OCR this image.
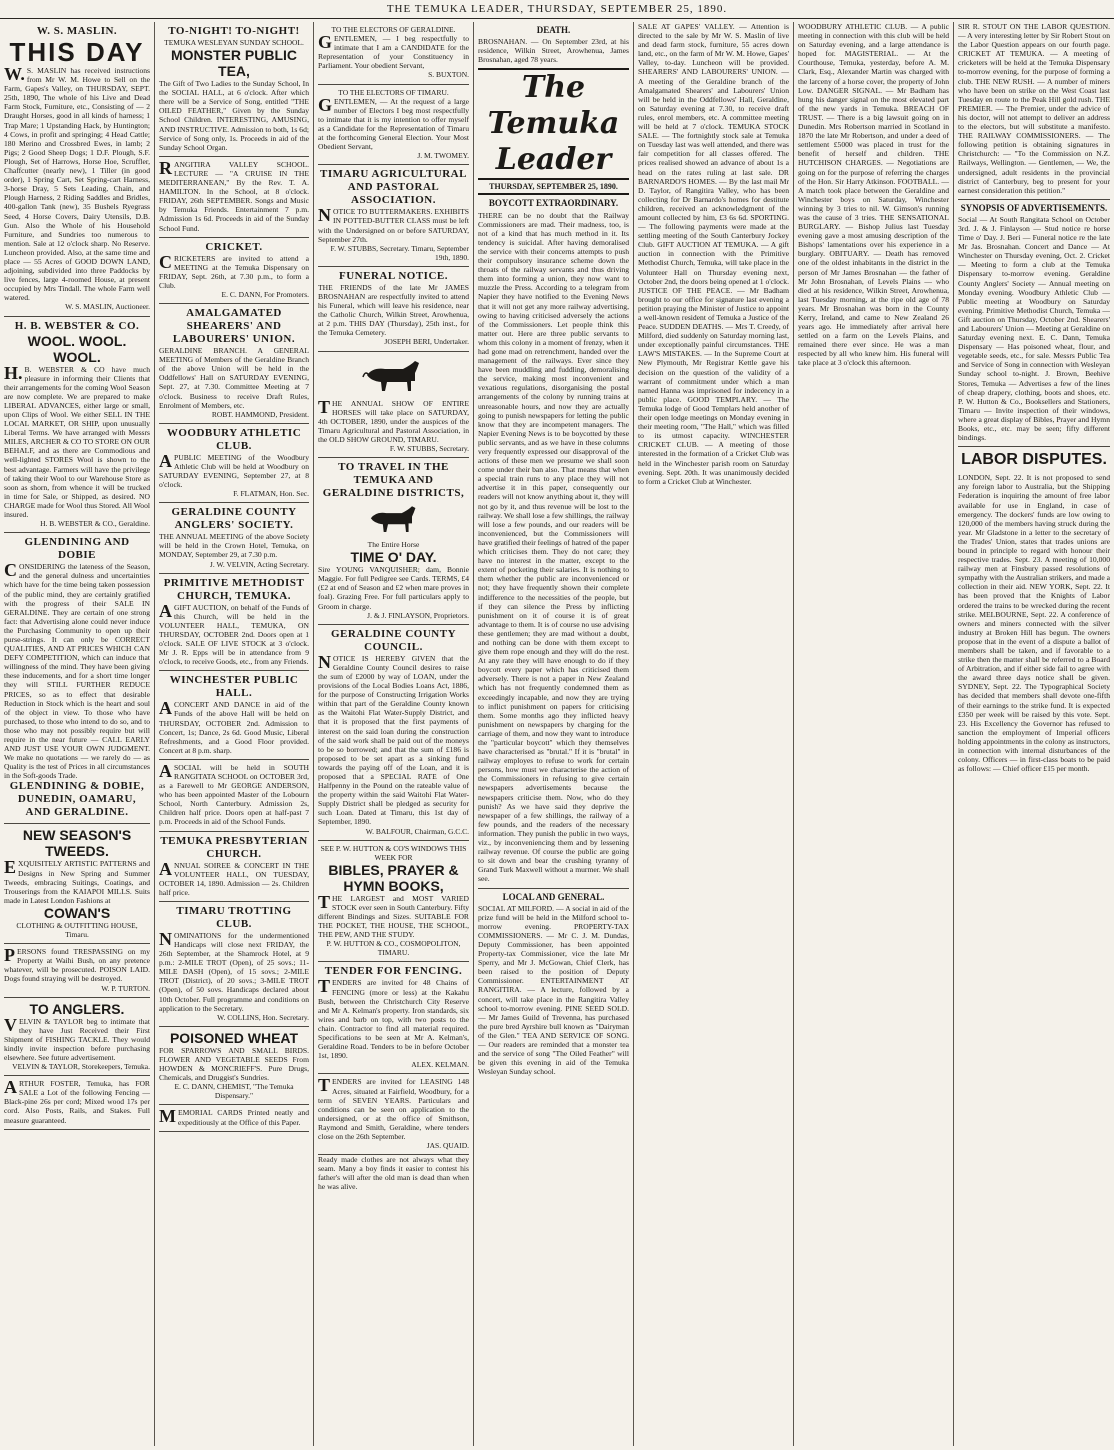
THE TEMUKA LEADER, THURSDAY, SEPTEMBER 25, 1890.
W. S. MASLIN.
THIS DAY
W.S. MASLIN has received instructions from Mr W. M. Howe to Sell on the Farm, Gapes's Valley, on THURSDAY, SEPT. 25th, 1890, The whole of his Live and Dead Farm Stock, Furniture, etc., Consisting of — 2 Draught Horses, good in all kinds of harness; 1 Trap Mare; 1 Upstanding Hack, by Huntington; 4 Cows, in profit and springing; 4 Head Cattle; 180 Merino and Crossbred Ewes, in lamb; 2 Pigs; 2 Good Sheep Dogs; 1 D.F. Plough, S.F. Plough, Set of Harrows, Horse Hoe, Scruffler, Chaffcutter (nearly new), 1 Tiller (in good order), 1 Spring Cart, Set Spring-cart Harness, 3-horse Dray, 5 Sets Leading, Chain, and Plough Harness, 2 Riding Saddles and Bridles, 400-gallon Tank (new), 35 Bushels Ryegrass Seed, 4 Horse Covers, Dairy Utensils, D.B. Gun. Also the Whole of his Household Furniture, and Sundries too numerous to mention. Sale at 12 o'clock sharp. No Reserve. Luncheon provided. Also, at the same time and place — 55 Acres of GOOD DOWN LAND, adjoining, subdivided into three Paddocks by live fences, large 4-roomed House, at present occupied by Mrs Tindall. The whole Farm well watered.
W. S. MASLIN, Auctioneer.
H. B. WEBSTER & CO.
WOOL. WOOL. WOOL.
H.B. WEBSTER & CO have much pleasure in informing their Clients that their arrangements for the coming Wool Season are now complete. We are prepared to make LIBERAL ADVANCES, either large or small, upon Clips of Wool. We either SELL IN THE LOCAL MARKET, OR SHIP, upon unusually Liberal Terms. We have arranged with Messrs MILES, ARCHER & CO TO STORE ON OUR BEHALF, and as there are Commodious and well-lighted STORES Wool is shown to the best advantage. Farmers will have the privilege of taking their Wool to our Warehouse Store as soon as shorn, from whence it will be trucked in time for Sale, or Shipped, as desired. NO CHARGE made for Wool thus Stored. All Wool insured.
H. B. WEBSTER & CO., Geraldine.
GLENDINING AND DOBIE
CONSIDERING the lateness of the Season, and the general dulness and uncertainties which have for the time being taken possession of the public mind, they are certainly gratified with the progress of their SALE IN GERALDINE. They are certain of one strong fact: that Advertising alone could never induce the Purchasing Community to open up their purse-strings. It can only be CORRECT QUALITIES, AND AT PRICES WHICH CAN DEFY COMPETITION, which can induce that willingness of the mind. They have been giving these inducements, and for a short time longer they will STILL FURTHER REDUCE PRICES, so as to effect that desirable Reduction in Stock which is the heart and soul of the object in view. To those who have purchased, to those who intend to do so, and to those who may not possibly require but will require in the near future — CALL EARLY AND JUST USE YOUR OWN JUDGMENT. We make no quotations — we rarely do — as Quality is the test of Prices in all circumstances in the Soft-goods Trade.
GLENDINING & DOBIE, DUNEDIN, OAMARU, AND GERALDINE.
NEW SEASON'S TWEEDS.
EXQUISITELY ARTISTIC PATTERNS and Designs in New Spring and Summer Tweeds, embracing Suitings, Coatings, and Trouserings from the KAIAPOI MILLS. Suits made in Latest London Fashions at
COWAN'S
CLOTHING & OUTFITTING HOUSE, Timaru.
PERSONS found TRESPASSING on my Property at Waihi Bush, on any pretence whatever, will be prosecuted. POISON LAID. Dogs found straying will be destroyed.
W. P. TURTON.
TO ANGLERS.
VELVIN & TAYLOR beg to intimate that they have Just Received their First Shipment of FISHING TACKLE. They would kindly invite inspection before purchasing elsewhere. See future advertisement.
VELVIN & TAYLOR, Storekeepers, Temuka.
ARTHUR FOSTER, Temuka, has FOR SALE a Lot of the following Fencing — Black-pine 26s per cord; Mixed wood 17s per cord. Also Posts, Rails, and Stakes. Full measure guaranteed.
TO-NIGHT! TO-NIGHT!
TEMUKA WESLEYAN SUNDAY SCHOOL.
MONSTER PUBLIC TEA,
The Gift of Two Ladies to the Sunday School, In the SOCIAL HALL, at 6 o'clock. After which there will be a Service of Song, entitled "THE OILED FEATHER," Given by the Sunday School Children. INTERESTING, AMUSING, AND INSTRUCTIVE. Admission to both, 1s 6d; Service of Song only, 1s. Proceeds in aid of the Sunday School Organ.
RANGITIRA VALLEY SCHOOL. LECTURE — "A CRUISE IN THE MEDITERRANEAN," By the Rev. T. A. HAMILTON. In the School, at 8 o'clock. FRIDAY, 26th SEPTEMBER. Songs and Music by Temuka Friends. Entertainment 7 p.m. Admission 1s 6d. Proceeds in aid of the Sunday School Fund.
CRICKET.
CRICKETERS are invited to attend a MEETING at the Temuka Dispensary on FRIDAY, Sept. 26th, at 7.30 p.m., to form a Club.
E. C. DANN, For Promoters.
AMALGAMATED SHEARERS' AND LABOURERS' UNION.
GERALDINE BRANCH. A GENERAL MEETING of Members of the Geraldine Branch of the above Union will be held in the Oddfellows' Hall on SATURDAY EVENING, Sept. 27, at 7.30. Committee Meeting at 7 o'clock. Business to receive Draft Rules, Enrolment of Members, etc.
ROBT. HAMMOND, President.
WOODBURY ATHLETIC CLUB.
APUBLIC MEETING of the Woodbury Athletic Club will be held at Woodbury on SATURDAY EVENING, September 27, at 8 o'clock.
F. FLATMAN, Hon. Sec.
GERALDINE COUNTY ANGLERS' SOCIETY.
THE ANNUAL MEETING of the above Society will be held in the Crown Hotel, Temuka, on MONDAY, September 29, at 7.30 p.m.
J. W. VELVIN, Acting Secretary.
PRIMITIVE METHODIST CHURCH, TEMUKA.
AGIFT AUCTION, on behalf of the Funds of this Church, will be held in the VOLUNTEER HALL, TEMUKA, ON THURSDAY, OCTOBER 2nd. Doors open at 1 o'clock. SALE OF LIVE STOCK at 3 o'clock. Mr J. R. Epps will be in attendance from 9 o'clock, to receive Goods, etc., from any Friends.
WINCHESTER PUBLIC HALL.
ACONCERT AND DANCE in aid of the Funds of the above Hall will be held on THURSDAY, OCTOBER 2nd. Admission to Concert, 1s; Dance, 2s 6d. Good Music, Liberal Refreshments, and a Good Floor provided. Concert at 8 p.m. sharp.
ASOCIAL will be held in SOUTH RANGITATA SCHOOL on OCTOBER 3rd, as a Farewell to Mr GEORGE ANDERSON, who has been appointed Master of the Lobourn School, North Canterbury. Admission 2s, Children half price. Doors open at half-past 7 p.m. Proceeds in aid of the School Funds.
TEMUKA PRESBYTERIAN CHURCH.
ANNUAL SOIREE & CONCERT IN THE VOLUNTEER HALL, ON TUESDAY, OCTOBER 14, 1890. Admission — 2s. Children half price.
TIMARU TROTTING CLUB.
NOMINATIONS for the undermentioned Handicaps will close next FRIDAY, the 26th September, at the Shamrock Hotel, at 9 p.m.: 2-MILE TROT (Open), of 25 sovs.; 11-MILE DASH (Open), of 15 sovs.; 2-MILE TROT (District), of 20 sovs.; 3-MILE TROT (Open), of 50 sovs. Handicaps declared about 10th October. Full programme and conditions on application to the Secretary.
W. COLLINS, Hon. Secretary.
POISONED WHEAT
FOR SPARROWS AND SMALL BIRDS. FLOWER AND VEGETABLE SEEDS From HOWDEN & MONCRIEFF'S. Pure Drugs, Chemicals, and Druggist's Sundries.
E. C. DANN, CHEMIST, "The Temuka Dispensary."
MEMORIAL CARDS Printed neatly and expeditiously at the Office of this Paper.
TO THE ELECTORS OF GERALDINE.
GENTLEMEN, — I beg respectfully to intimate that I am a CANDIDATE for the Representation of your Constituency in Parliament. Your obedient Servant,
S. BUXTON.
TO THE ELECTORS OF TIMARU.
GENTLEMEN, — At the request of a large number of Electors I beg most respectfully to intimate that it is my intention to offer myself as a Candidate for the Representation of Timaru at the forthcoming General Election. Your Most Obedient Servant,
J. M. TWOMEY.
TIMARU AGRICULTURAL AND PASTORAL ASSOCIATION.
NOTICE TO BUTTERMAKERS. EXHIBITS IN POTTED-BUTTER CLASS must be left with the Undersigned on or before SATURDAY, September 27th.
F. W. STUBBS, Secretary. Timaru, September 19th, 1890.
FUNERAL NOTICE.
THE FRIENDS of the late Mr JAMES BROSNAHAN are respectfully invited to attend his Funeral, which will leave his residence, near the Catholic Church, Wilkin Street, Arowhenua, at 2 p.m. THIS DAY (Thursday), 25th inst., for the Temuka Cemetery.
JOSEPH BERI, Undertaker.
THE ANNUAL SHOW OF ENTIRE HORSES will take place on SATURDAY, 4th OCTOBER, 1890, under the auspices of the Timaru Agricultural and Pastoral Association, in the OLD SHOW GROUND, TIMARU.
F. W. STUBBS, Secretary.
TO TRAVEL IN THE TEMUKA AND GERALDINE DISTRICTS,
The Entire Horse
TIME O' DAY.
Sire YOUNG VANQUISHER; dam, Bonnie Maggie. For full Pedigree see Cards. TERMS, £4 (£2 at end of Season and £2 when mare proves in foal). Grazing Free. For full particulars apply to Groom in charge.
J. & J. FINLAYSON, Proprietors.
GERALDINE COUNTY COUNCIL.
NOTICE IS HEREBY GIVEN that the Geraldine County Council desires to raise the sum of £2000 by way of LOAN, under the provisions of the Local Bodies Loans Act, 1886, for the purpose of Constructing Irrigation Works within that part of the Geraldine County known as the Waitohi Flat Water-Supply District, and that it is proposed that the first payments of interest on the said loan during the construction of the said work shall be paid out of the moneys to be so borrowed; and that the sum of £186 is proposed to be set apart as a sinking fund towards the paying off of the Loan, and it is proposed that a SPECIAL RATE of One Halfpenny in the Pound on the rateable value of the property within the said Waitohi Flat Water-Supply District shall be pledged as security for such Loan. Dated at Timaru, this 1st day of September, 1890.
W. BALFOUR, Chairman, G.C.C.
SEE P. W. HUTTON & CO'S WINDOWS THIS WEEK FOR
BIBLES, PRAYER & HYMN BOOKS,
THE LARGEST and MOST VARIED STOCK ever seen in South Canterbury. Fifty different Bindings and Sizes. SUITABLE FOR THE POCKET, THE HOUSE, THE SCHOOL, THE PEW, AND THE STUDY.
P. W. HUTTON & CO., COSMOPOLITON, TIMARU.
TENDER FOR FENCING.
TENDERS are invited for 48 Chains of FENCING (more or less) at the Kakahu Bush, between the Christchurch City Reserve and Mr A. Kelman's property. Iron standards, six wires and barb on top, with two posts to the chain. Contractor to find all material required. Specifications to be seen at Mr A. Kelman's, Geraldine Road. Tenders to be in before October 1st, 1890.
ALEX. KELMAN.
TENDERS are invited for LEASING 148 Acres, situated at Fairfield, Woodbury, for a term of SEVEN YEARS. Particulars and conditions can be seen on application to the undersigned, or at the office of Smithson, Raymond and Smith, Geraldine, where tenders close on the 26th September.
JAS. QUAID.
Ready made clothes are not always what they seam. Many a boy finds it easier to contest his father's will after the old man is dead than when he was alive.
DEATH.
BROSNAHAN. — On September 23rd, at his residence, Wilkin Street, Arowhenua, James Brosnahan, aged 78 years.
The Temuka Leader
THURSDAY, SEPTEMBER 25, 1890.
BOYCOTT EXTRAORDINARY.
THERE can be no doubt that the Railway Commissioners are mad. Their madness, too, is not of a kind that has much method in it. Its tendency is suicidal. After having demoralised the service with their concerns attempts to push their compulsory insurance scheme down the throats of the railway servants and thus driving them into forming a union, they now want to muzzle the Press. According to a telegram from Napier they have notified to the Evening News that it will not get any more railway advertising, owing to having criticised adversely the actions of the Commissioners. Let people think this matter out. Here are three public servants to whom this colony in a moment of frenzy, when it had gone mad on retrenchment, handed over the management of the railways. Ever since they have been muddling and fuddling, demoralising the service, making most inconvenient and vexatious regulations, disorganising the postal arrangements of the colony by running trains at unreasonable hours, and now they are actually going to punish newspapers for letting the public know that they are incompetent managers. The Napier Evening News is to be boycotted by these public servants, and as we have in these columns very frequently expressed our disapproval of the actions of these men we presume we shall soon come under their ban also. That means that when a special train runs to any place they will not advertise it in this paper, consequently our readers will not know anything about it, they will not go by it, and thus revenue will be lost to the railway. We shall lose a few shillings, the railway will lose a few pounds, and our readers will be inconvenienced, but the Commissioners will have gratified their feelings of hatred of the paper which criticises them. They do not care; they have no interest in the matter, except to the extent of pocketing their salaries. It is nothing to them whether the public are inconvenienced or not; they have frequently shown their complete indifference to the necessities of the people, but if they can silence the Press by inflicting punishment on it of course it is of great advantage to them. It is of course no use advising these gentlemen; they are mad without a doubt, and nothing can be done with them except to give them rope enough and they will do the rest. At any rate they will have enough to do if they boycott every paper which has criticised them adversely. There is not a paper in New Zealand which has not frequently condemned them as exceedingly incapable, and now they are trying to inflict punishment on papers for criticising them. Some months ago they inflicted heavy punishment on newspapers by charging for the carriage of them, and now they want to introduce the "particular boycott" which they themselves have characterised as "brutal." If it is "brutal" in railway employes to refuse to work for certain persons, how must we characterise the action of the Commissioners in refusing to give certain newspapers advertisements because the newspapers criticise them. Now, who do they punish? As we have said they deprive the newspaper of a few shillings, the railway of a few pounds, and the readers of the necessary information. They punish the public in two ways, viz., by inconveniencing them and by lessening railway revenue. Of course the public are going to sit down and bear the crushing tyranny of Grand Turk Maxwell without a murmer. We shall see.
LOCAL AND GENERAL.
SOCIAL AT MILFORD. — A social in aid of the prize fund will be held in the Milford school to-morrow evening. PROPERTY-TAX COMMISSIONERS. — Mr C. J. M. Dundas, Deputy Commissioner, has been appointed Property-tax Commissioner, vice the late Mr Sperry, and Mr J. McGowan, Chief Clerk, has been raised to the position of Deputy Commissioner. ENTERTAINMENT AT RANGITIRA. — A lecture, followed by a concert, will take place in the Rangitira Valley school to-morrow evening. PINE SEED SOLD. — Mr James Guild of Trevenna, has purchased the pure bred Ayrshire bull known as "Dairyman of the Glen." TEA AND SERVICE OF SONG. — Our readers are reminded that a monster tea and the service of song "The Oiled Feather" will be given this evening in aid of the Temuka Wesleyan Sunday school.
SALE AT GAPES' VALLEY. — Attention is directed to the sale by Mr W. S. Maslin of live and dead farm stock, furniture, 55 acres down land, etc., on the farm of Mr W. M. Howe, Gapes' Valley, to-day. Luncheon will be provided. SHEARERS' AND LABOURERS' UNION. — A meeting of the Geraldine branch of the Amalgamated Shearers' and Labourers' Union will be held in the Oddfellows' Hall, Geraldine, on Saturday evening at 7.30, to receive draft rules, enrol members, etc. A committee meeting will be held at 7 o'clock. TEMUKA STOCK SALE. — The fortnightly stock sale at Temuka on Tuesday last was well attended, and there was fair competition for all classes offered. The prices realised showed an advance of about 1s a head on the rates ruling at last sale. DR BARNARDO'S HOMES. — By the last mail Mr D. Taylor, of Rangitira Valley, who has been collecting for Dr Barnardo's homes for destitute children, received an acknowledgment of the amount collected by him, £3 6s 6d. SPORTING. — The following payments were made at the settling meeting of the South Canterbury Jockey Club. GIFT AUCTION AT TEMUKA. — A gift auction in connection with the Primitive Methodist Church, Temuka, will take place in the Volunteer Hall on Thursday evening next, October 2nd, the doors being opened at 1 o'clock. JUSTICE OF THE PEACE. — Mr Badham brought to our office for signature last evening a petition praying the Minister of Justice to appoint a well-known resident of Temuka a Justice of the Peace. SUDDEN DEATHS. — Mrs T. Creedy, of Milford, died suddenly on Saturday morning last, under exceptionally painful circumstances. THE LAW'S MISTAKES. — In the Supreme Court at New Plymouth, Mr Registrar Kettle gave his decision on the question of the validity of a warrant of commitment under which a man named Hanna was imprisoned for indecency in a public place. GOOD TEMPLARY. — The Temuka lodge of Good Templars held another of their open lodge meetings on Monday evening in their meeting room, "The Hall," which was filled to its utmost capacity. WINCHESTER CRICKET CLUB. — A meeting of those interested in the formation of a Cricket Club was held in the Winchester parish room on Saturday evening. Sept. 20th. It was unanimously decided to form a Cricket Club at Winchester.
WOODBURY ATHLETIC CLUB. — A public meeting in connection with this club will be held on Saturday evening, and a large attendance is hoped for. MAGISTERIAL. — At the Courthouse, Temuka, yesterday, before A. M. Clark, Esq., Alexander Martin was charged with the larceny of a horse cover, the property of John Low. DANGER SIGNAL. — Mr Badham has hung his danger signal on the most elevated part of the new yards in Temuka. BREACH OF TRUST. — There is a big lawsuit going on in Dunedin. Mrs Robertson married in Scotland in 1870 the late Mr Robertson, and under a deed of settlement £5000 was placed in trust for the benefit of herself and children. THE HUTCHISON CHARGES. — Negotiations are going on for the purpose of referring the charges of the Hon. Sir Harry Atkinson. FOOTBALL. — A match took place between the Geraldine and Winchester boys on Saturday, Winchester winning by 3 tries to nil. W. Gimson's running was the cause of 3 tries. THE SENSATIONAL BURGLARY. — Bishop Julius last Tuesday evening gave a most amusing description of the Bishops' lamentations over his experience in a burglary. OBITUARY. — Death has removed one of the oldest inhabitants in the district in the person of Mr James Brosnahan — the father of Mr John Brosnahan, of Levels Plains — who died at his residence, Wilkin Street, Arowhenua, last Tuesday morning, at the ripe old age of 78 years. Mr Brosnahan was born in the County Kerry, Ireland, and came to New Zealand 26 years ago. He immediately after arrival here settled on a farm on the Levels Plains, and remained there ever since. He was a man respected by all who knew him. His funeral will take place at 3 o'clock this afternoon.
SIR R. STOUT ON THE LABOR QUESTION. — A very interesting letter by Sir Robert Stout on the Labor Question appears on our fourth page. CRICKET AT TEMUKA. — A meeting of cricketers will be held at the Temuka Dispensary to-morrow evening, for the purpose of forming a club. THE NEW RUSH. — A number of miners who have been on strike on the West Coast last Tuesday en route to the Peak Hill gold rush. THE PREMIER. — The Premier, under the advice of his doctor, will not attempt to deliver an address to the electors, but will substitute a manifesto. THE RAILWAY COMMISSIONERS. — The following petition is obtaining signatures in Christchurch: — "To the Commission on N.Z. Railways, Wellington. — Gentlemen, — We, the undersigned, adult residents in the provincial district of Canterbury, beg to present for your earnest consideration this petition."
SYNOPSIS OF ADVERTISEMENTS.
Social — At South Rangitata School on October 3rd. J. & J. Finlayson — Stud notice re horse Time o' Day. J. Beri — Funeral notice re the late Mr Jas. Brosnahan. Concert and Dance — At Winchester on Thursday evening, Oct. 2. Cricket — Meeting to form a club at the Temuka Dispensary to-morrow evening. Geraldine County Anglers' Society — Annual meeting on Monday evening. Woodbury Athletic Club — Public meeting at Woodbury on Saturday evening. Primitive Methodist Church, Temuka — Gift auction on Thursday, October 2nd. Shearers' and Labourers' Union — Meeting at Geraldine on Saturday evening next. E. C. Dann, Temuka Dispensary — Has poisoned wheat, flour, and vegetable seeds, etc., for sale. Messrs Public Tea and Service of Song in connection with Wesleyan Sunday school to-night. J. Brown, Beehive Stores, Temuka — Advertises a few of the lines of cheap drapery, clothing, boots and shoes, etc. P. W. Hutton & Co., Booksellers and Stationers, Timaru — Invite inspection of their windows, where a great display of Bibles, Prayer and Hymn Books, etc., etc. may be seen; fifty different bindings.
LABOR DISPUTES.
LONDON, Sept. 22. It is not proposed to send any foreign labor to Australia, but the Shipping Federation is inquiring the amount of free labor available for use in England, in case of emergency. The dockers' funds are low owing to 120,000 of the members having struck during the year. Mr Gladstone in a letter to the secretary of the Trades' Union, states that trades unions are bound in principle to regard with honour their respective trades. Sept. 23. A meeting of 10,000 railway men at Finsbury passed resolutions of sympathy with the Australian strikers, and made a collection in their aid. NEW YORK, Sept. 22. It has been proved that the Knights of Labor ordered the trains to be wrecked during the recent strike. MELBOURNE, Sept. 22. A conference of owners and miners connected with the silver industry at Broken Hill has begun. The owners propose that in the event of a dispute a ballot of members shall be taken, and if favorable to a strike then the matter shall be referred to a Board of Arbitration, and if either side fail to agree with the award three days notice shall be given. SYDNEY, Sept. 22. The Typographical Society has decided that members shall devote one-fifth of their earnings to the strike fund. It is expected £350 per week will be raised by this vote. Sept. 23. His Excellency the Governor has refused to sanction the employment of Imperial officers holding appointments in the colony as instructors, in connection with internal disturbances of the colony. Officers — in first-class boats to be paid as follows: — Chief officer £15 per month.
